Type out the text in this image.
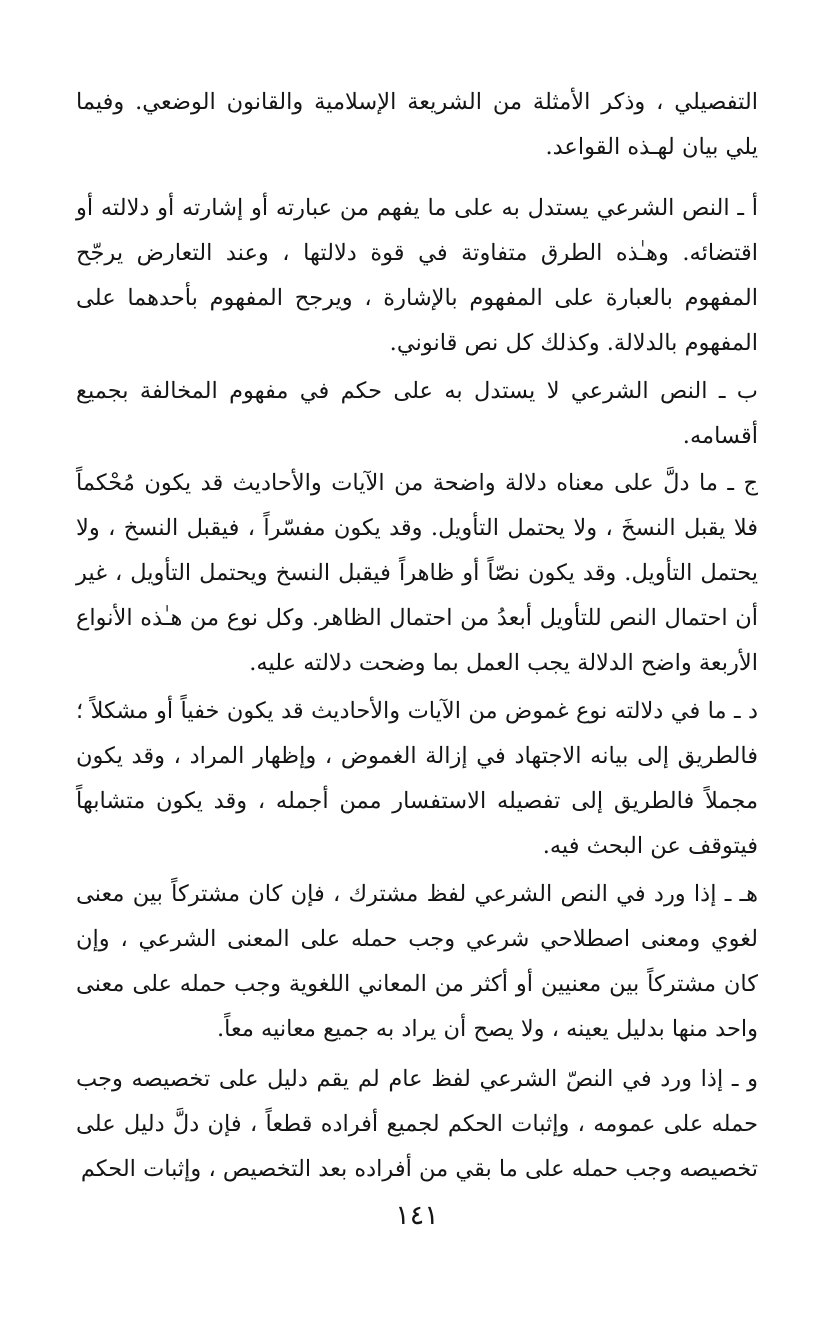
التفصيلي ، وذكر الأمثلة من الشريعة الإسلامية والقانون الوضعي. وفيما يلي بيان لهـذه القواعد.
أ ـ النص الشرعي يستدل به على ما يفهم من عبارته أو إشارته أو دلالته أو اقتضائه. وهـٰذه الطرق متفاوتة في قوة دلالتها ، وعند التعارض يرجّح المفهوم بالعبارة على المفهوم بالإشارة ، ويرجح المفهوم بأحدهما على المفهوم بالدلالة. وكذلك كل نص قانوني.
ب ـ النص الشرعي لا يستدل به على حكم في مفهوم المخالفة بجميع أقسامه.
ج ـ ما دلَّ على معناه دلالة واضحة من الآيات والأحاديث قد يكون مُحْكماً فلا يقبل النسخَ ، ولا يحتمل التأويل. وقد يكون مفسّراً ، فيقبل النسخ ، ولا يحتمل التأويل. وقد يكون نصّاً أو ظاهراً فيقبل النسخ ويحتمل التأويل ، غير أن احتمال النص للتأويل أبعدُ من احتمال الظاهر. وكل نوع من هـٰذه الأنواع الأربعة واضح الدلالة يجب العمل بما وضحت دلالته عليه.
د ـ ما في دلالته نوع غموض من الآيات والأحاديث قد يكون خفياً أو مشكلاً ؛ فالطريق إلى بيانه الاجتهاد في إزالة الغموض ، وإظهار المراد ، وقد يكون مجملاً فالطريق إلى تفصيله الاستفسار ممن أجمله ، وقد يكون متشابهاً فيتوقف عن البحث فيه.
هـ ـ إذا ورد في النص الشرعي لفظ مشترك ، فإن كان مشتركاً بين معنى لغوي ومعنى اصطلاحي شرعي وجب حمله على المعنى الشرعي ، وإن كان مشتركاً بين معنيين أو أكثر من المعاني اللغوية وجب حمله على معنى واحد منها بدليل يعينه ، ولا يصح أن يراد به جميع معانيه معاً.
و ـ إذا ورد في النصّ الشرعي لفظ عام لم يقم دليل على تخصيصه وجب حمله على عمومه ، وإثبات الحكم لجميع أفراده قطعاً ، فإن دلَّ دليل على تخصيصه وجب حمله على ما بقي من أفراده بعد التخصيص ، وإثبات الحكم
١٤١
